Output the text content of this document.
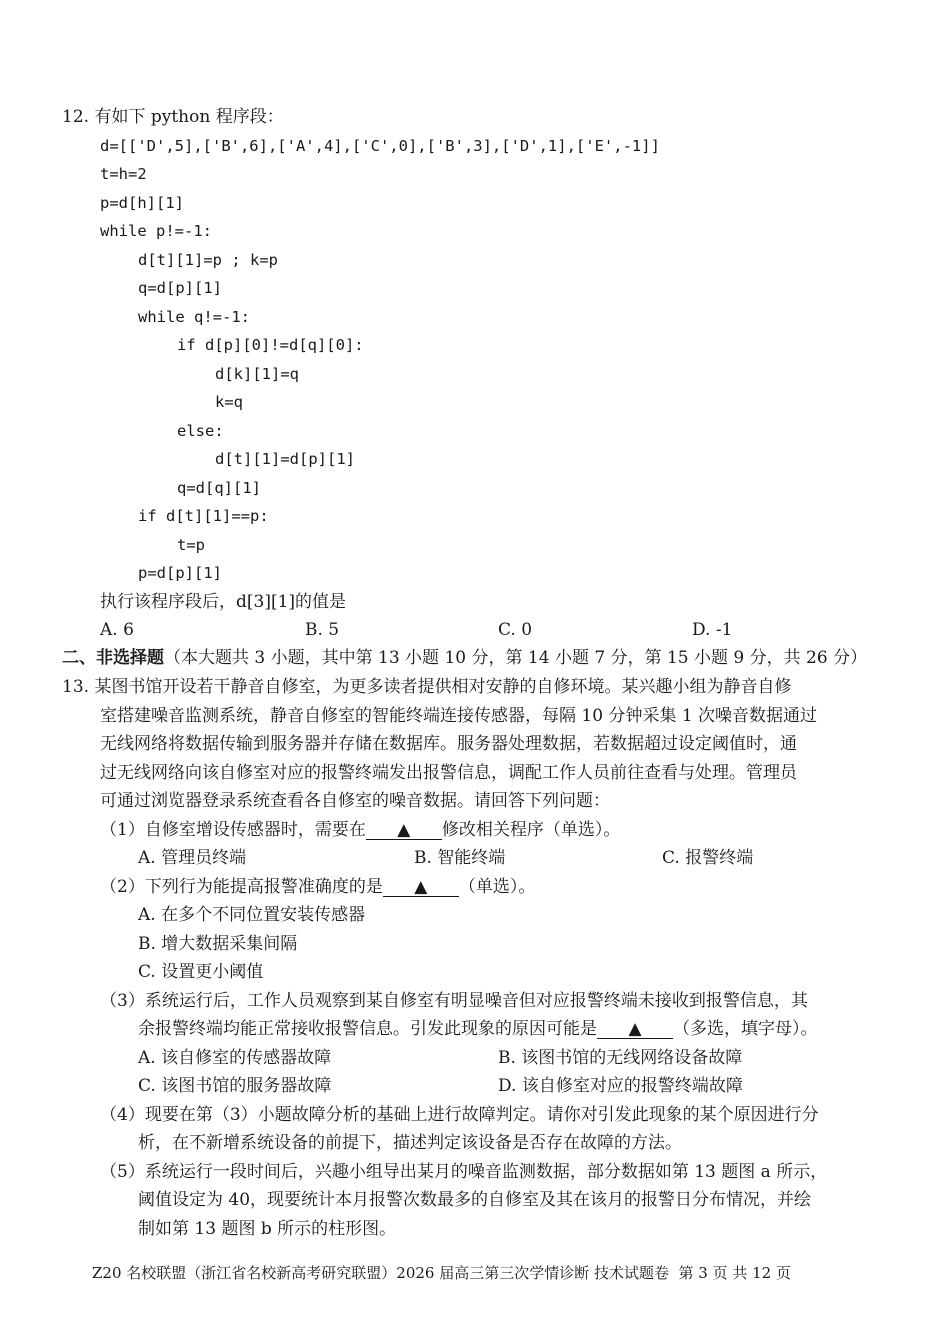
12. 有如下 python 程序段：
d=[['D',5],['B',6],['A',4],['C',0],['B',3],['D',1],['E',-1]]
t=h=2
p=d[h][1]
while p!=-1:
d[t][1]=p ; k=p
q=d[p][1]
while q!=-1:
if d[p][0]!=d[q][0]:
d[k][1]=q
k=q
else:
d[t][1]=d[p][1]
q=d[q][1]
if d[t][1]==p:
t=p
p=d[p][1]
执行该程序段后，d[3][1]的值是
A. 6	B. 5	C. 0	D. -1
二、非选择题（本大题共 3 小题，其中第 13 小题 10 分，第 14 小题 7 分，第 15 小题 9 分，共 26 分）
13. 某图书馆开设若干静音自修室，为更多读者提供相对安静的自修环境。某兴趣小组为静音自修
室搭建噪音监测系统，静音自修室的智能终端连接传感器，每隔 10 分钟采集 1 次噪音数据通过
无线网络将数据传输到服务器并存储在数据库。服务器处理数据，若数据超过设定阈值时，通
过无线网络向该自修室对应的报警终端发出报警信息，调配工作人员前往查看与处理。管理员
可通过浏览器登录系统查看各自修室的噪音数据。请回答下列问题：
（1）自修室增设传感器时，需要在 ▲ 修改相关程序（单选）。
A. 管理员终端	B. 智能终端	C. 报警终端
（2）下列行为能提高报警准确度的是 ▲ （单选）。
A. 在多个不同位置安装传感器
B. 增大数据采集间隔
C. 设置更小阈值
（3）系统运行后，工作人员观察到某自修室有明显噪音但对应报警终端未接收到报警信息，其
余报警终端均能正常接收报警信息。引发此现象的原因可能是 ▲ （多选，填字母）。
A. 该自修室的传感器故障	B. 该图书馆的无线网络设备故障
C. 该图书馆的服务器故障	D. 该自修室对应的报警终端故障
（4）现要在第（3）小题故障分析的基础上进行故障判定。请你对引发此现象的某个原因进行分
析，在不新增系统设备的前提下，描述判定该设备是否存在故障的方法。
（5）系统运行一段时间后，兴趣小组导出某月的噪音监测数据，部分数据如第 13 题图 a 所示，
阈值设定为 40，现要统计本月报警次数最多的自修室及其在该月的报警日分布情况，并绘
制如第 13 题图 b 所示的柱形图。
Z20 名校联盟（浙江省名校新高考研究联盟）2026 届高三第三次学情诊断 技术试题卷  第 3 页 共 12 页
